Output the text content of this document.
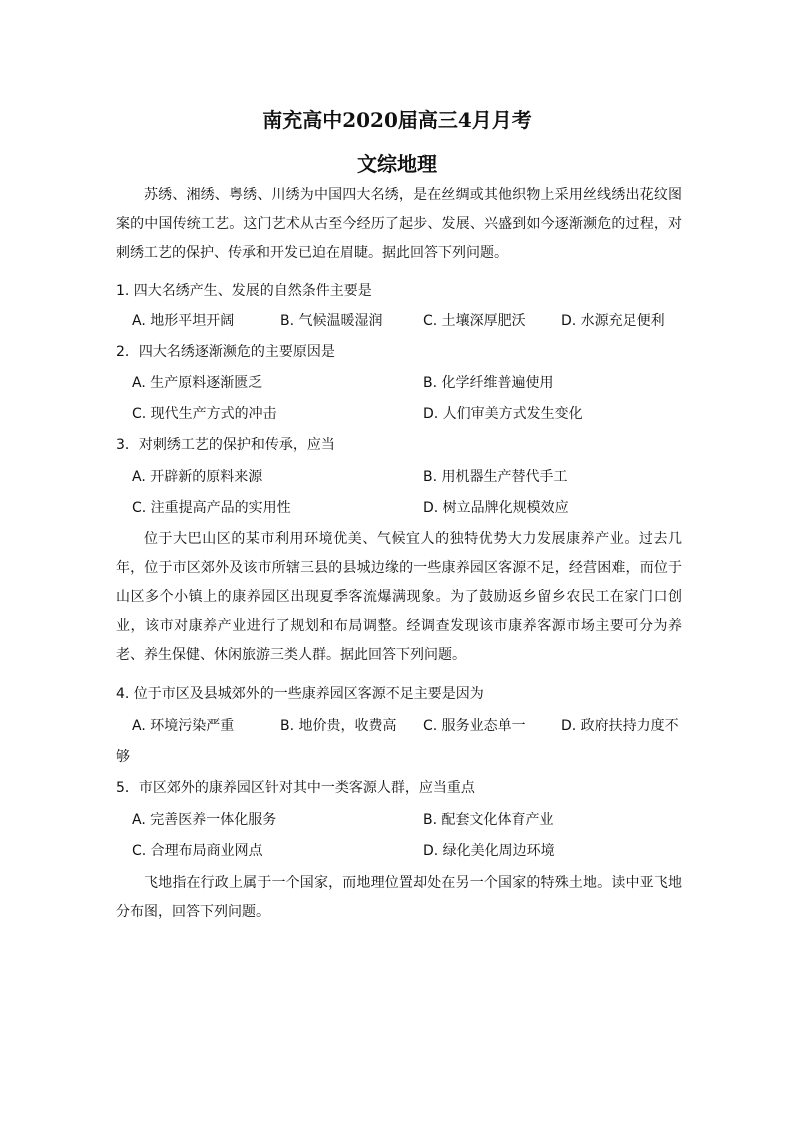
南充高中2020届高三4月月考
文综地理

苏绣、湘绣、粤绣、川绣为中国四大名绣，是在丝绸或其他织物上采用丝线绣出花纹图案的中国传统工艺。这门艺术从古至今经历了起步、发展、兴盛到如今逐渐濒危的过程，对刺绣工艺的保护、传承和开发已迫在眉睫。据此回答下列问题。

1. 四大名绣产生、发展的自然条件主要是
A. 地形平坦开阔	B. 气候温暖湿润	C. 土壤深厚肥沃	D. 水源充足便利
2．四大名绣逐渐濒危的主要原因是
A. 生产原料逐渐匮乏	B. 化学纤维普遍使用
C. 现代生产方式的冲击	D. 人们审美方式发生变化
3．对刺绣工艺的保护和传承，应当
A. 开辟新的原料来源	B. 用机器生产替代手工
C. 注重提高产品的实用性	D. 树立品牌化规模效应

位于大巴山区的某市利用环境优美、气候宜人的独特优势大力发展康养产业。过去几年，位于市区郊外及该市所辖三县的县城边缘的一些康养园区客源不足，经营困难，而位于山区多个小镇上的康养园区出现夏季客流爆满现象。为了鼓励返乡留乡农民工在家门口创业，该市对康养产业进行了规划和布局调整。经调查发现该市康养客源市场主要可分为养老、养生保健、休闲旅游三类人群。据此回答下列问题。

4. 位于市区及县城郊外的一些康养园区客源不足主要是因为
A. 环境污染严重	B. 地价贵，收费高 C. 服务业态单一	D. 政府扶持力度不
够
5．市区郊外的康养园区针对其中一类客源人群，应当重点
A. 完善医养一体化服务	B. 配套文化体育产业
C. 合理布局商业网点	D. 绿化美化周边环境

飞地指在行政上属于一个国家，而地理位置却处在另一个国家的特殊土地。读中亚飞地分布图，回答下列问题。
